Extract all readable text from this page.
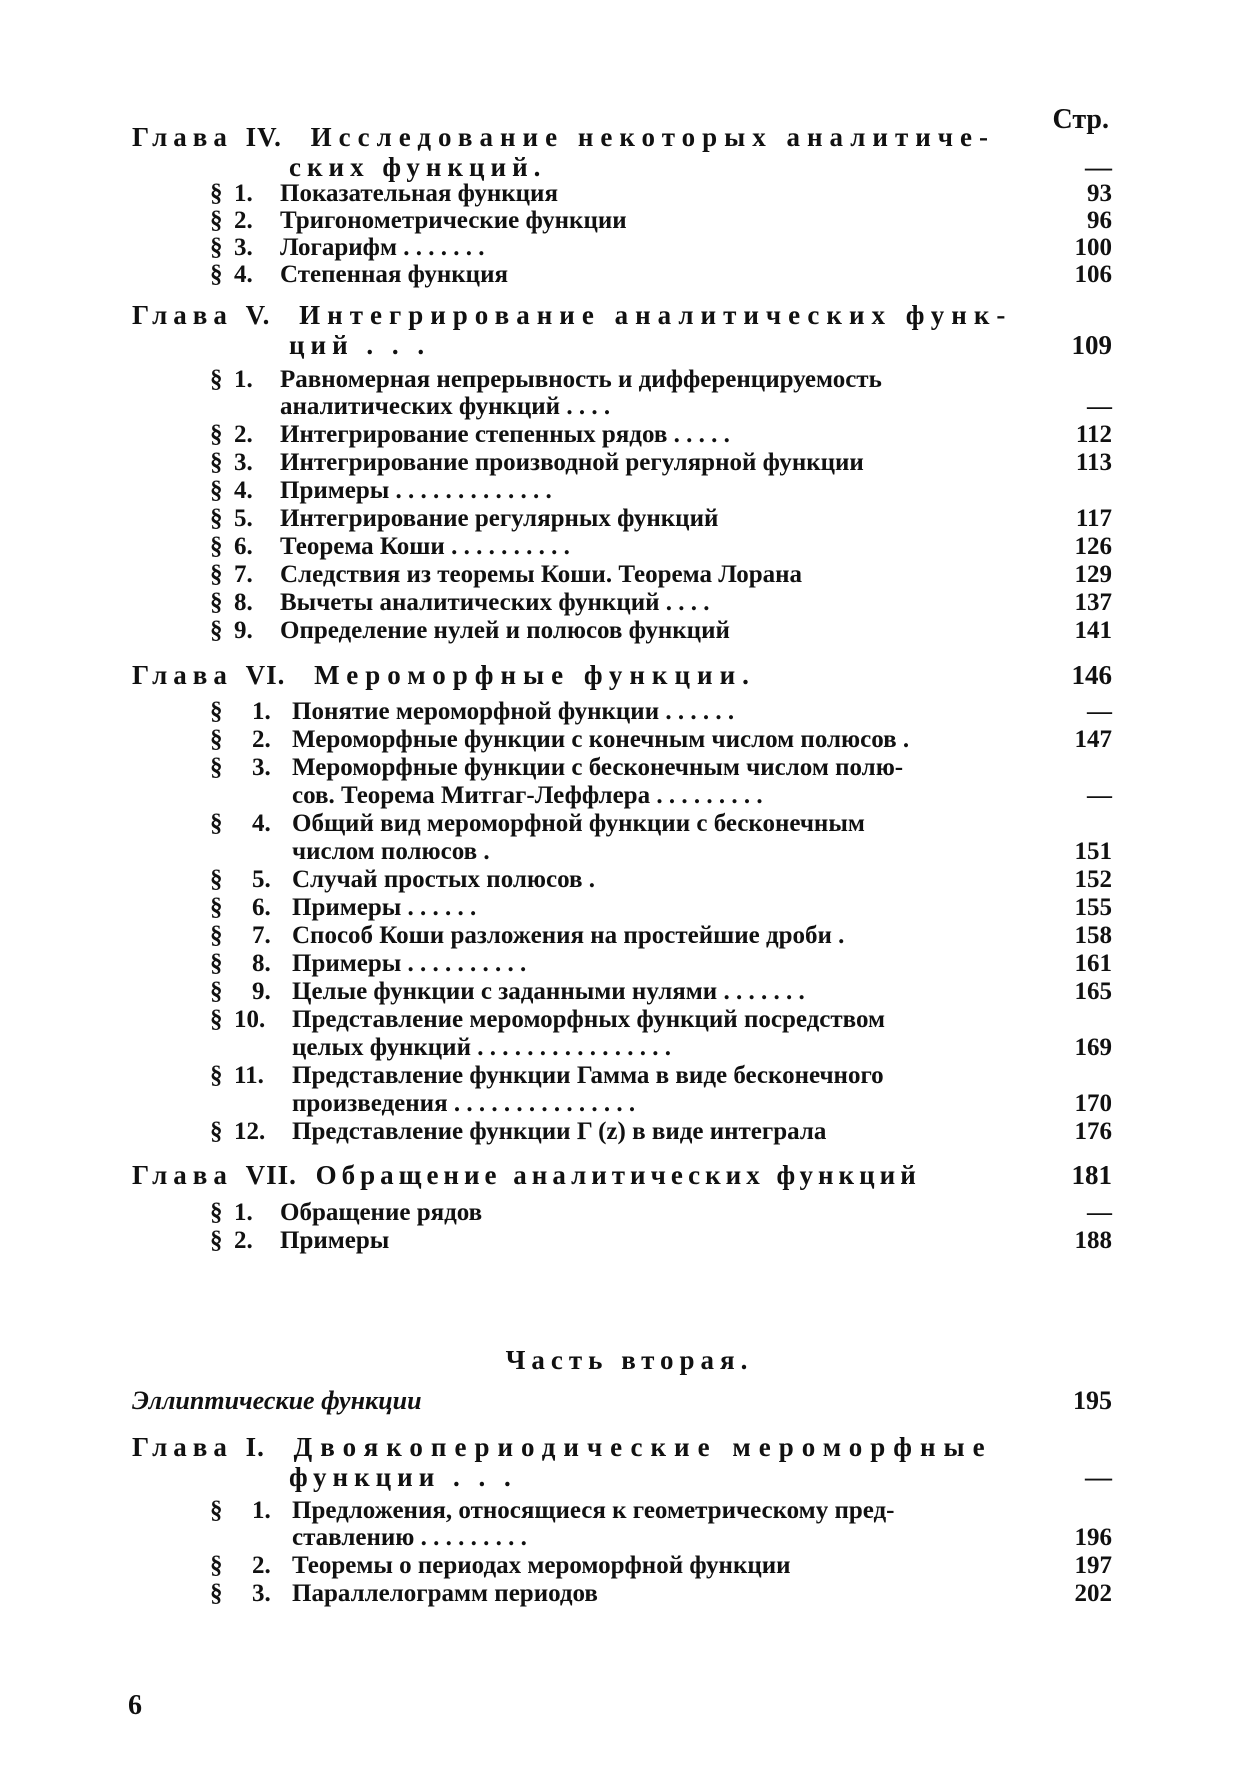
Стр.
Глава IV. Исследование некоторых аналитиче-
ских функций.	—
§ 1. Показательная функция	93
§ 2. Тригонометрические функции	96
§ 3. Логарифм . . . . . . .	100
§ 4. Степенная функция	106
Глава V. Интегрирование аналитических функ-
ций . . .	109
§ 1. Равномерная непрерывность и дифференцируемость
аналитических функций . . . .	—
§ 2. Интегрирование степенных рядов . . . . .	112
§ 3. Интегрирование производной регулярной функции	113
§ 4. Примеры . . . . . . . . . . . . .
§ 5. Интегрирование регулярных функций	117
§ 6. Теорема Коши . . . . . . . . . .	126
§ 7. Следствия из теоремы Коши. Теорема Лорана	129
§ 8. Вычеты аналитических функций . . . .	137
§ 9. Определение нулей и полюсов функций	141
Глава VI. Мероморфные функции.	146
§ 1. Понятие мероморфной функции . . . . . .	—
§ 2. Мероморфные функции с конечным числом полюсов .	147
§ 3. Мероморфные функции с бесконечным числом полю-
сов. Теорема Митгаг-Леффлера . . . . . . . . .	—
§ 4. Общий вид мероморфной функции с бесконечным
числом полюсов .	151
§ 5. Случай простых полюсов .	152
§ 6. Примеры . . . . . .	155
§ 7. Способ Коши разложения на простейшие дроби .	158
§ 8. Примеры . . . . . . . . . .	161
§ 9. Целые функции с заданными нулями . . . . . . .	165
§ 10. Представление мероморфных функций посредством
целых функций . . . . . . . . . . . . . . . .	169
§ 11. Представление функции Гамма в виде бесконечного
произведения . . . . . . . . . . . . . . .	170
§ 12. Представление функции Γ (z) в виде интеграла	176
Глава VII. Обращение аналитических функций	181
§ 1. Обращение рядов	—
§ 2. Примеры	188
Часть вторая.
Эллиптические функции	195
Глава I. Двоякопериодические мероморфные
функции . . .	—
§ 1. Предложения, относящиеся к геометрическому пред-
ставлению . . . . . . . . .	196
§ 2. Теоремы о периодах мероморфной функции	197
§ 3. Параллелограмм периодов	202
6
